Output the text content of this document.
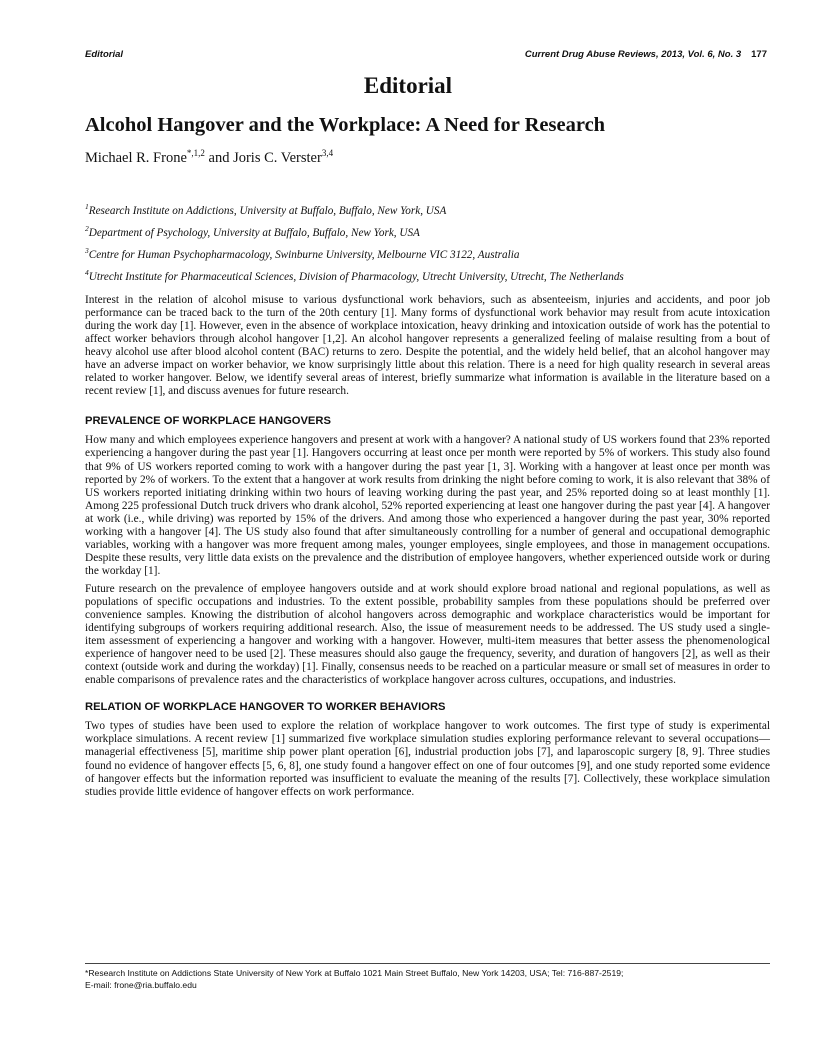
Editorial	Current Drug Abuse Reviews, 2013, Vol. 6, No. 3 177
Editorial
Alcohol Hangover and the Workplace: A Need for Research
Michael R. Frone$^{*,1,2}$ and Joris C. Verster$^{3,4}$
$^1$Research Institute on Addictions, University at Buffalo, Buffalo, New York, USA
$^2$Department of Psychology, University at Buffalo, Buffalo, New York, USA
$^3$Centre for Human Psychopharmacology, Swinburne University, Melbourne VIC 3122, Australia
$^4$Utrecht Institute for Pharmaceutical Sciences, Division of Pharmacology, Utrecht University, Utrecht, The Netherlands

Interest in the relation of alcohol misuse to various dysfunctional work behaviors, such as absenteeism, injuries and accidents, and poor job performance can be traced back to the turn of the 20th century [1]. Many forms of dysfunctional work behavior may result from acute intoxication during the work day [1]. However, even in the absence of workplace intoxication, heavy drinking and intoxication outside of work has the potential to affect worker behaviors through alcohol hangover [1,2]. An alcohol hangover represents a generalized feeling of malaise resulting from a bout of heavy alcohol use after blood alcohol content (BAC) returns to zero. Despite the potential, and the widely held belief, that an alcohol hangover may have an adverse impact on worker behavior, we know surprisingly little about this relation. There is a need for high quality research in several areas related to worker hangover. Below, we identify several areas of interest, briefly summarize what information is available in the literature based on a recent review [1], and discuss avenues for future research.

PREVALENCE OF WORKPLACE HANGOVERS

How many and which employees experience hangovers and present at work with a hangover? A national study of US workers found that 23% reported experiencing a hangover during the past year [1]. Hangovers occurring at least once per month were reported by 5% of workers. This study also found that 9% of US workers reported coming to work with a hangover during the past year [1, 3]. Working with a hangover at least once per month was reported by 2% of workers. To the extent that a hangover at work results from drinking the night before coming to work, it is also relevant that 38% of US workers reported initiating drinking within two hours of leaving working during the past year, and 25% reported doing so at least monthly [1]. Among 225 professional Dutch truck drivers who drank alcohol, 52% reported experiencing at least one hangover during the past year [4]. A hangover at work (i.e., while driving) was reported by 15% of the drivers. And among those who experienced a hangover during the past year, 30% reported working with a hangover [4]. The US study also found that after simultaneously controlling for a number of general and occupational demographic variables, working with a hangover was more frequent among males, younger employees, single employees, and those in management occupations. Despite these results, very little data exists on the prevalence and the distribution of employee hangovers, whether experienced outside work or during the workday [1].

Future research on the prevalence of employee hangovers outside and at work should explore broad national and regional populations, as well as populations of specific occupations and industries. To the extent possible, probability samples from these populations should be preferred over convenience samples. Knowing the distribution of alcohol hangovers across demographic and workplace characteristics would be important for identifying subgroups of workers requiring additional research. Also, the issue of measurement needs to be addressed. The US study used a single-item assessment of experiencing a hangover and working with a hangover. However, multi-item measures that better assess the phenomenological experience of hangover need to be used [2]. These measures should also gauge the frequency, severity, and duration of hangovers [2], as well as their context (outside work and during the workday) [1]. Finally, consensus needs to be reached on a particular measure or small set of measures in order to enable comparisons of prevalence rates and the characteristics of workplace hangover across cultures, occupations, and industries.

RELATION OF WORKPLACE HANGOVER TO WORKER BEHAVIORS

Two types of studies have been used to explore the relation of workplace hangover to work outcomes. The first type of study is experimental workplace simulations. A recent review [1] summarized five workplace simulation studies exploring performance relevant to several occupations—managerial effectiveness [5], maritime ship power plant operation [6], industrial production jobs [7], and laparoscopic surgery [8, 9]. Three studies found no evidence of hangover effects [5, 6, 8], one study found a hangover effect on one of four outcomes [9], and one study reported some evidence of hangover effects but the information reported was insufficient to evaluate the meaning of the results [7]. Collectively, these workplace simulation studies provide little evidence of hangover effects on work performance.

*Research Institute on Addictions State University of New York at Buffalo 1021 Main Street Buffalo, New York 14203, USA; Tel: 716-887-2519;
E-mail: frone@ria.buffalo.edu
